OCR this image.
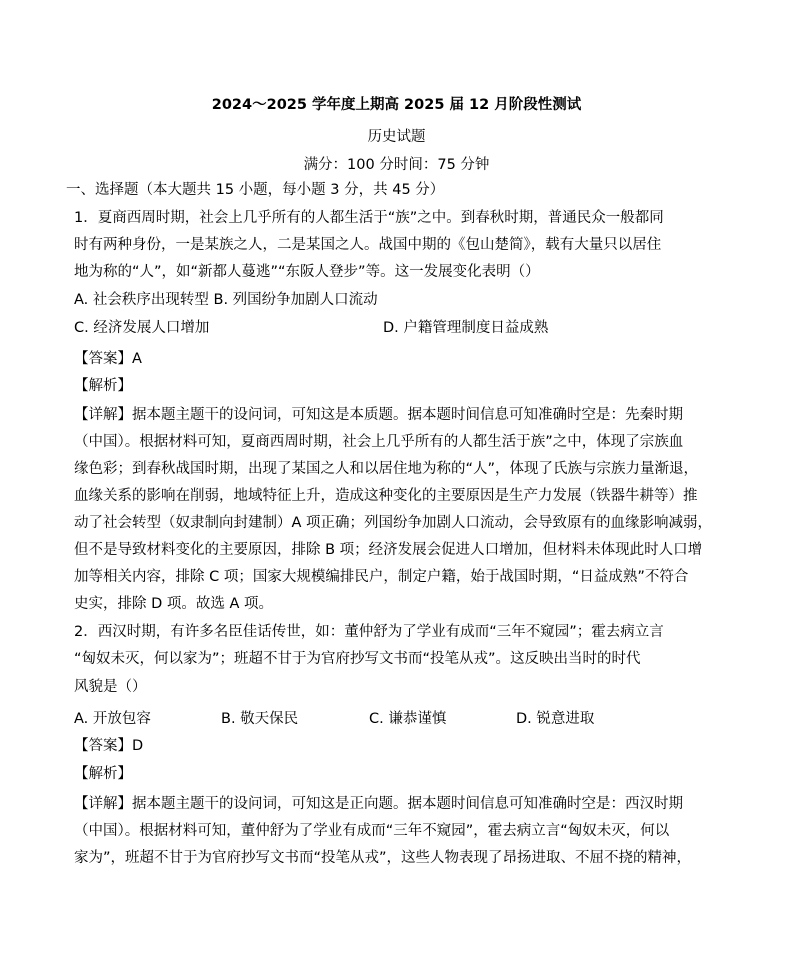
2024～2025 学年度上期高 2025 届 12 月阶段性测试
历史试题
满分：100 分时间：75 分钟
一、选择题（本大题共 15 小题，每小题 3 分，共 45 分）
1．夏商西周时期，社会上几乎所有的人都生活于“族”之中。到春秋时期，普通民众一般都同
时有两种身份，一是某族之人，二是某国之人。战国中期的《包山楚简》，载有大量只以居住
地为称的“人”，如“新都人蔓逃”“东阪人登步”等。这一发展变化表明（）
A. 社会秩序出现转型 B. 列国纷争加剧人口流动
C. 经济发展人口增加	D. 户籍管理制度日益成熟
【答案】A
【解析】
【详解】据本题主题干的设问词，可知这是本质题。据本题时间信息可知准确时空是：先秦时期
（中国）。根据材料可知，夏商西周时期，社会上几乎所有的人都生活于族”之中，体现了宗族血
缘色彩；到春秋战国时期，出现了某国之人和以居住地为称的“人”，体现了氏族与宗族力量渐退，
血缘关系的影响在削弱，地域特征上升，造成这种变化的主要原因是生产力发展（铁器牛耕等）推
动了社会转型（奴隶制向封建制）A 项正确；列国纷争加剧人口流动，会导致原有的血缘影响减弱，
但不是导致材料变化的主要原因，排除 B 项；经济发展会促进人口增加，但材料未体现此时人口增
加等相关内容，排除 C 项；国家大规模编排民户，制定户籍，始于战国时期，“日益成熟”不符合
史实，排除 D 项。故选 A 项。
2．西汉时期，有许多名臣佳话传世，如：董仲舒为了学业有成而“三年不窥园”；霍去病立言
“匈奴未灭，何以家为”；班超不甘于为官府抄写文书而“投笔从戎”。这反映出当时的时代
风貌是（）
A. 开放包容	B. 敬天保民	C. 谦恭谨慎	D. 锐意进取
【答案】D
【解析】
【详解】据本题主题干的设问词，可知这是正向题。据本题时间信息可知准确时空是：西汉时期
（中国）。根据材料可知，董仲舒为了学业有成而“三年不窥园”，霍去病立言“匈奴未灭，何以
家为”，班超不甘于为官府抄写文书而“投笔从戎”，这些人物表现了昂扬进取、不屈不挠的精神，
